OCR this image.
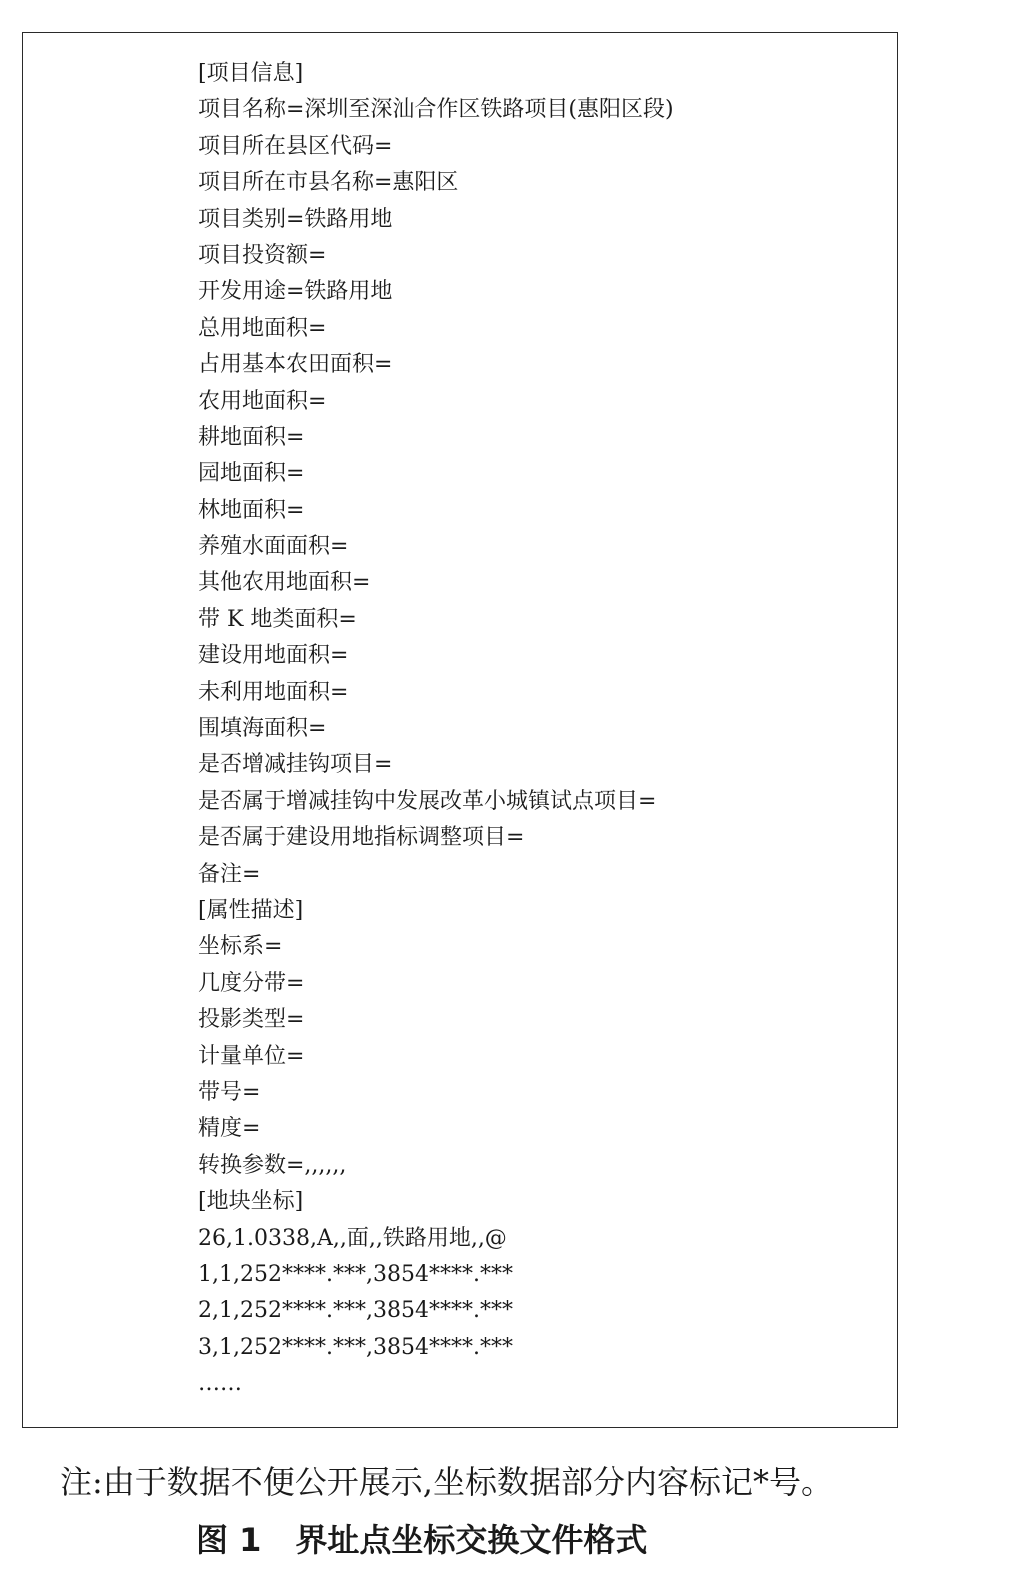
[项目信息]
项目名称=深圳至深汕合作区铁路项目(惠阳区段)
项目所在县区代码=
项目所在市县名称=惠阳区
项目类别=铁路用地
项目投资额=
开发用途=铁路用地
总用地面积=
占用基本农田面积=
农用地面积=
耕地面积=
园地面积=
林地面积=
养殖水面面积=
其他农用地面积=
带 K 地类面积=
建设用地面积=
未利用地面积=
围填海面积=
是否增减挂钩项目=
是否属于增减挂钩中发展改革小城镇试点项目=
是否属于建设用地指标调整项目=
备注=
[属性描述]
坐标系=
几度分带=
投影类型=
计量单位=
带号=
精度=
转换参数=,,,,,,
[地块坐标]
26,1.0338,A,,面,,铁路用地,,@
1,1,252****.***,3854****.***
2,1,252****.***,3854****.***
3,1,252****.***,3854****.***
……
注:由于数据不便公开展示,坐标数据部分内容标记*号。
图 1 界址点坐标交换文件格式
